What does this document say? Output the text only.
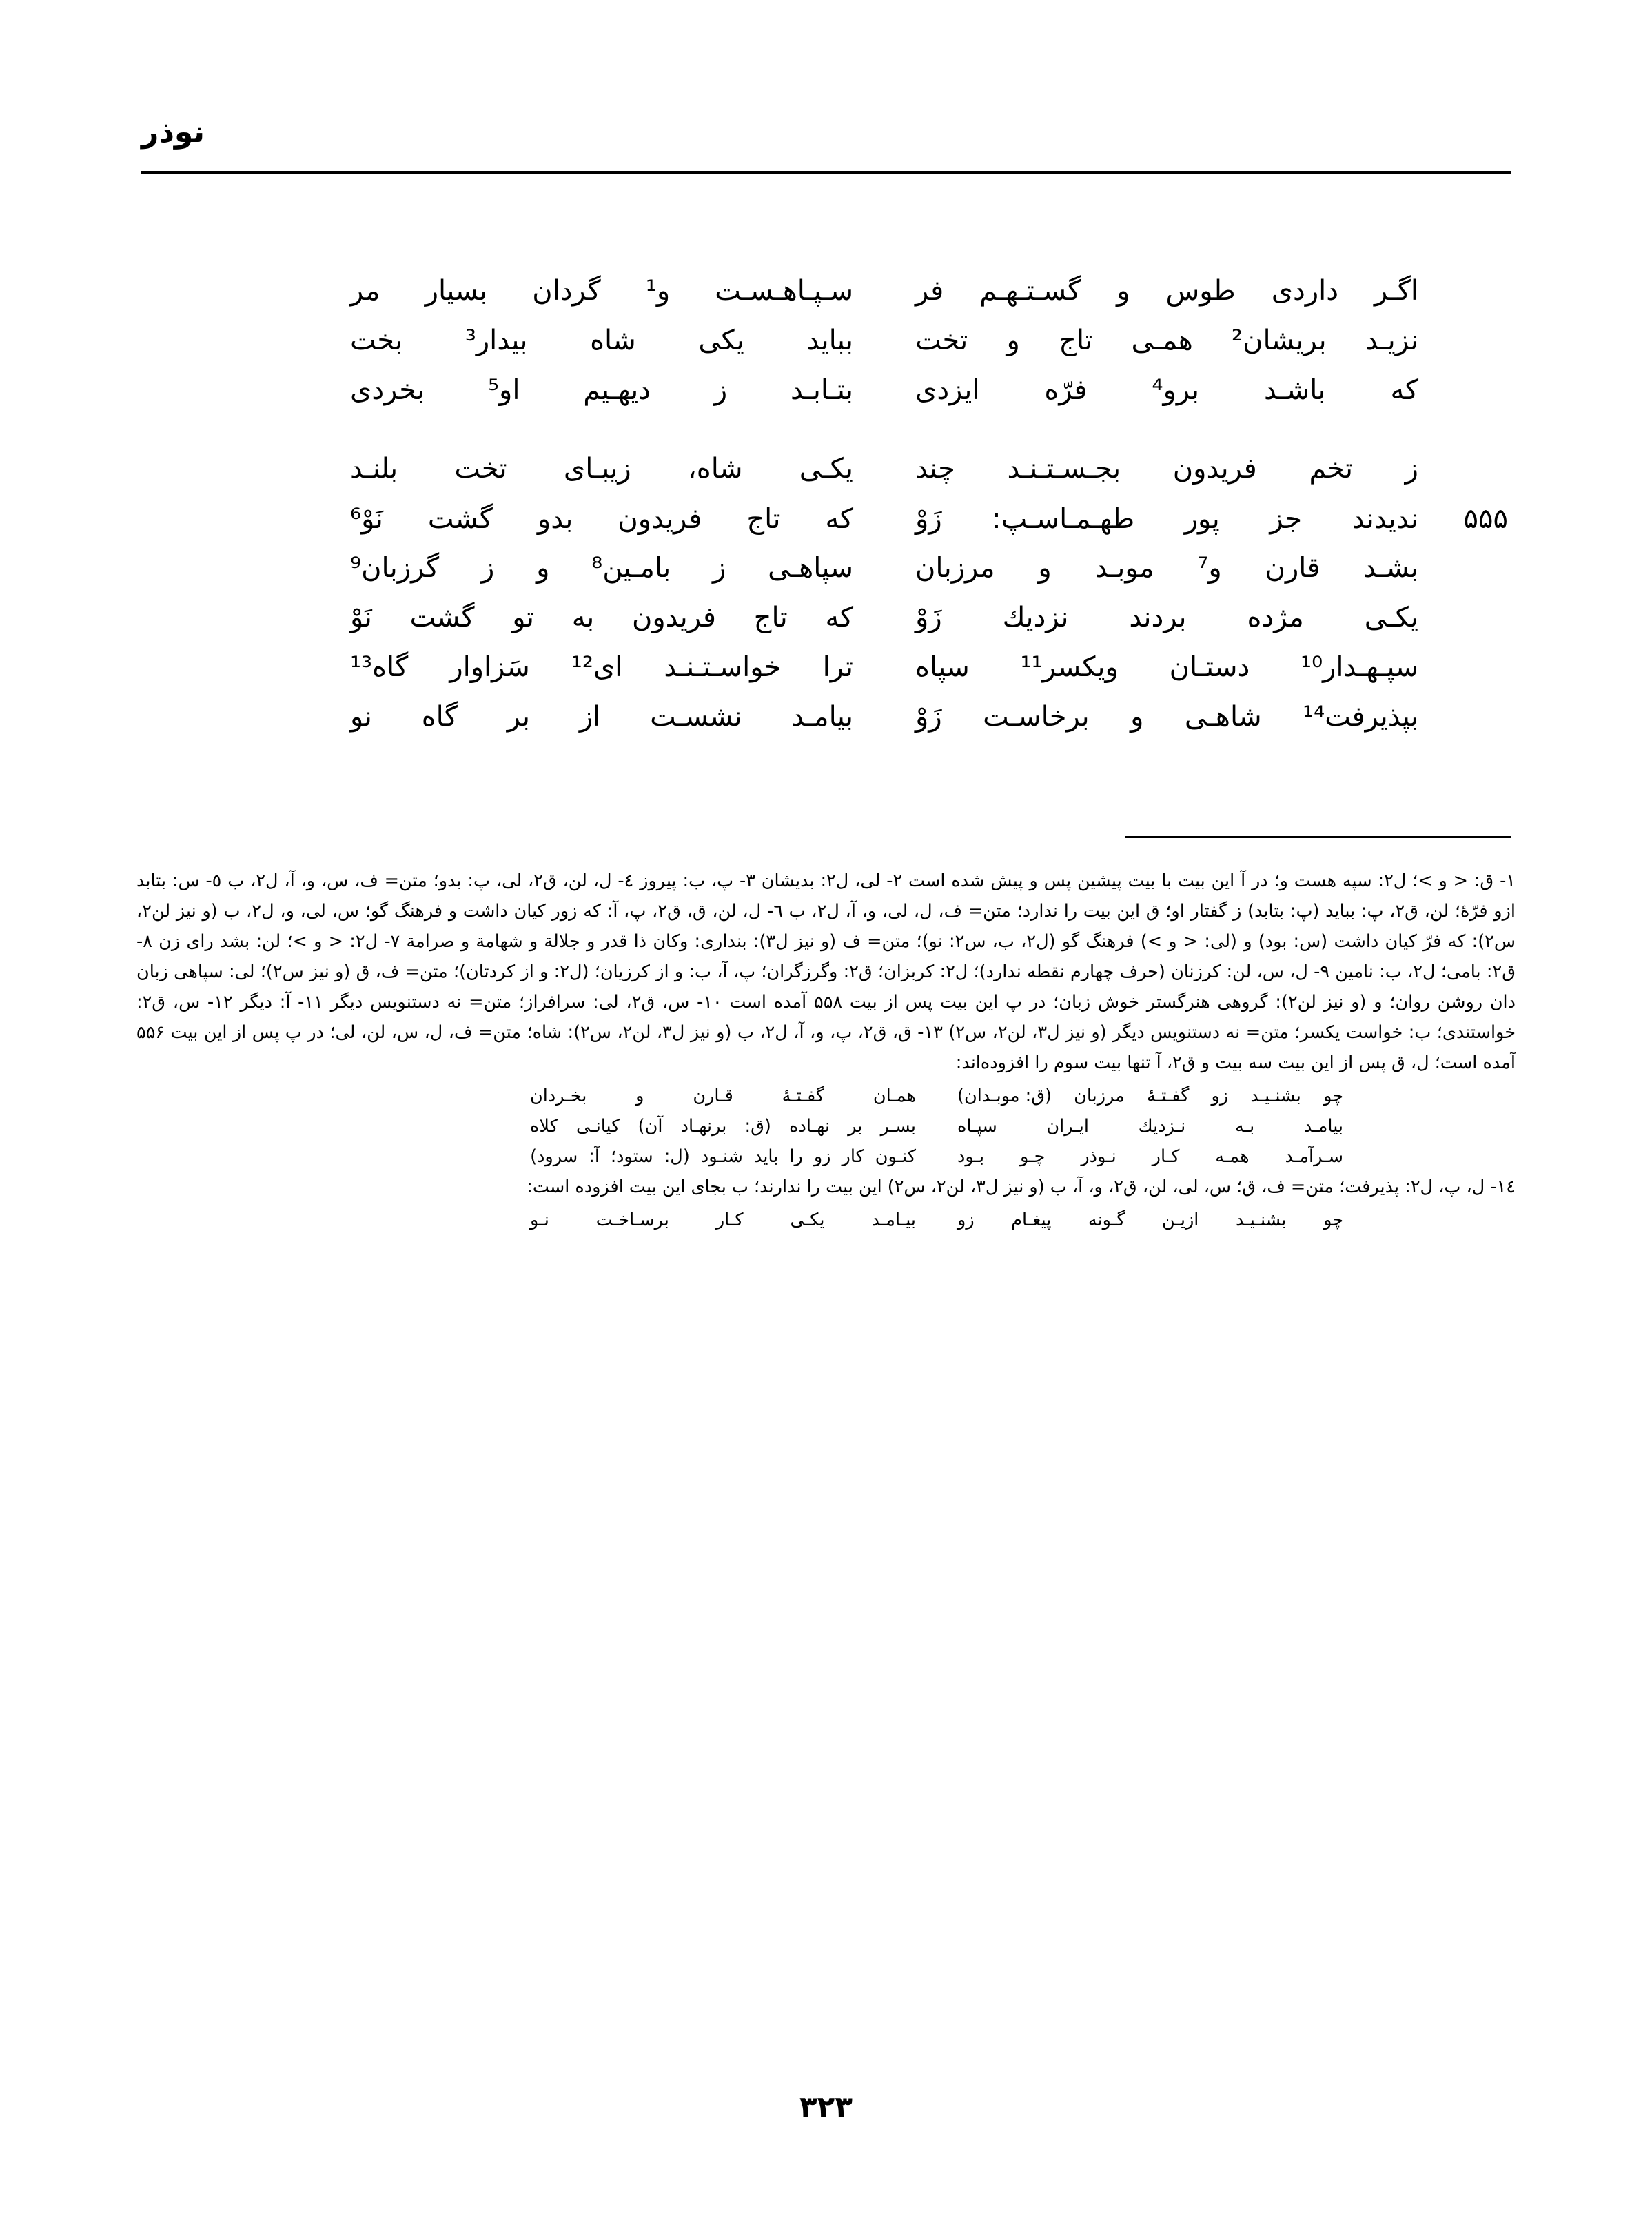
نوذر
اگـر
داردی
طوس
و
گسـتـهـم
فر
سـپـاهـسـت
و¹
گردان
بسیار
مر
نزیـد
بریشان²
همـی
تاج
و
تخت
بباید
یکی
شاه
بیدار³
بخت
که
باشـد
برو⁴
فرّه
ایزدی
بتـابـد
ز
دیهـیم
او⁵
بخردی
ز
تخم
فریدون
بجـسـتـنـد
چند
یکـی
شاه،
زیبـای
تخت
بلنـد
۵۵۵
ندیدند
جز
پور
طهـمـاسـپ:
زَوْ
که
تاج
فریدون
بدو
گشت
نَوْ⁶
بشـد
قارن
و⁷
موبـد
و
مرزبان
سپاهـی
ز
بامـین⁸
و
ز
گرزبان⁹
یکـی
مژده
بردند
نزدیك
زَوْ
که
تاج
فریدون
به
تو
گشت
نَوْ
سپـهـدار¹⁰
دستـان
ویكسر¹¹
سپاه
ترا
خواسـتـنـد
ای¹²
سَزاوار
گاه¹³
بپذیرفت¹⁴
شاهـی
و
برخاسـت
زَوْ
بیامـد
نشسـت
از
بر
گاه
نو

١- ق: < و >؛ ل٢: سپه هست و؛ در آ این بیت با بیت پیشین پس و پیش شده است ٢- لی، ل٢: بدیشان ٣- پ، ب: پیروز ٤- ل، لن، ق٢، لی، پ: بدو؛ متن= ف، س، و، آ، ل٢، ب ٥- س: بتابد ازو فرّهٔ؛ لن، ق٢، پ: بباید (پ: بتابد) ز گفتار او؛ ق این بیت را ندارد؛ متن= ف، ل، لی، و، آ، ل٢، ب ٦- ل، لن، ق، ق٢، پ، آ: که زور کیان داشت و فرهنگ گو؛ س، لی، و، ل٢، ب (و نیز لن٢، س٢): که فرّ کیان داشت (س: بود) و (لی: < و >) فرهنگ گو (ل٢، ب، س٢: نو)؛ متن= ف (و نیز ل٣): بنداری: وکان ذا قدر و جلالة و شهامة و صرامة ٧- ل٢: < و >؛ لن: بشد رای زن ٨- ق٢: بامی؛ ل٢، ب: نامین ٩- ل، س، لن: کرزنان (حرف چهارم نقطه ندارد)؛ ل٢: کربزان؛ ق٢: وگرزگران؛ پ، آ، ب: و از کرزیان؛ (ل٢: و از کردتان)؛ متن= ف، ق (و نیز س٢)؛ لی: سپاهی زبان دان روشن روان؛ و (و نیز لن٢): گروهی هنرگستر خوش زبان؛ در پ این بیت پس از بیت ۵۵۸ آمده است ١٠- س، ق٢، لی: سرافراز؛ متن= نه دستنویس دیگر ١١- آ: دیگر ١٢- س، ق٢: خواستندی؛ ب: خواست یکسر؛ متن= نه دستنویس دیگر (و نیز ل٣، لن٢، س٢) ١٣- ق، ق٢، پ، و، آ، ل٢، ب (و نیز ل٣، لن٢، س٢): شاه؛ متن= ف، ل، س، لن، لی؛ در پ پس از این بیت ۵۵۶ آمده است؛ ل، ق پس از این بیت سه بیت و ق٢، آ تنها بیت سوم را افزوده‌اند:

چو
بشنـیـد
زو
گفـتـهٔ
مرزبان
(ق: موبـدان)
همـان
گفـتـهٔ
قـارن
و
بخـردان
بیامـد
بـه
نـزدیك
ایـران
سپـاه
بسـر
بر
نهـاده
(ق:
برنهـاد
آن)
کیانـی
کلاه
سـرآمـد
همـه
کـار
نـوذر
چـو
بـود
کنـون
کار
زو
را
باید
شنـود
(ل:
ستود؛
آ:
سرود)

١٤- ل، پ، ل٢: پذیرفت؛ متن= ف، ق؛ س، لی، لن، ق٢، و، آ، ب (و نیز ل٣، لن٢، س٢) این بیت را ندارند؛ ب بجای این بیت افزوده است:

چو
بشنـیـد
ازیـن
گـونه
پیغـام
زو
بیـامـد
یکـی
کـار
برسـاخـت
نـو
۳۲۳
